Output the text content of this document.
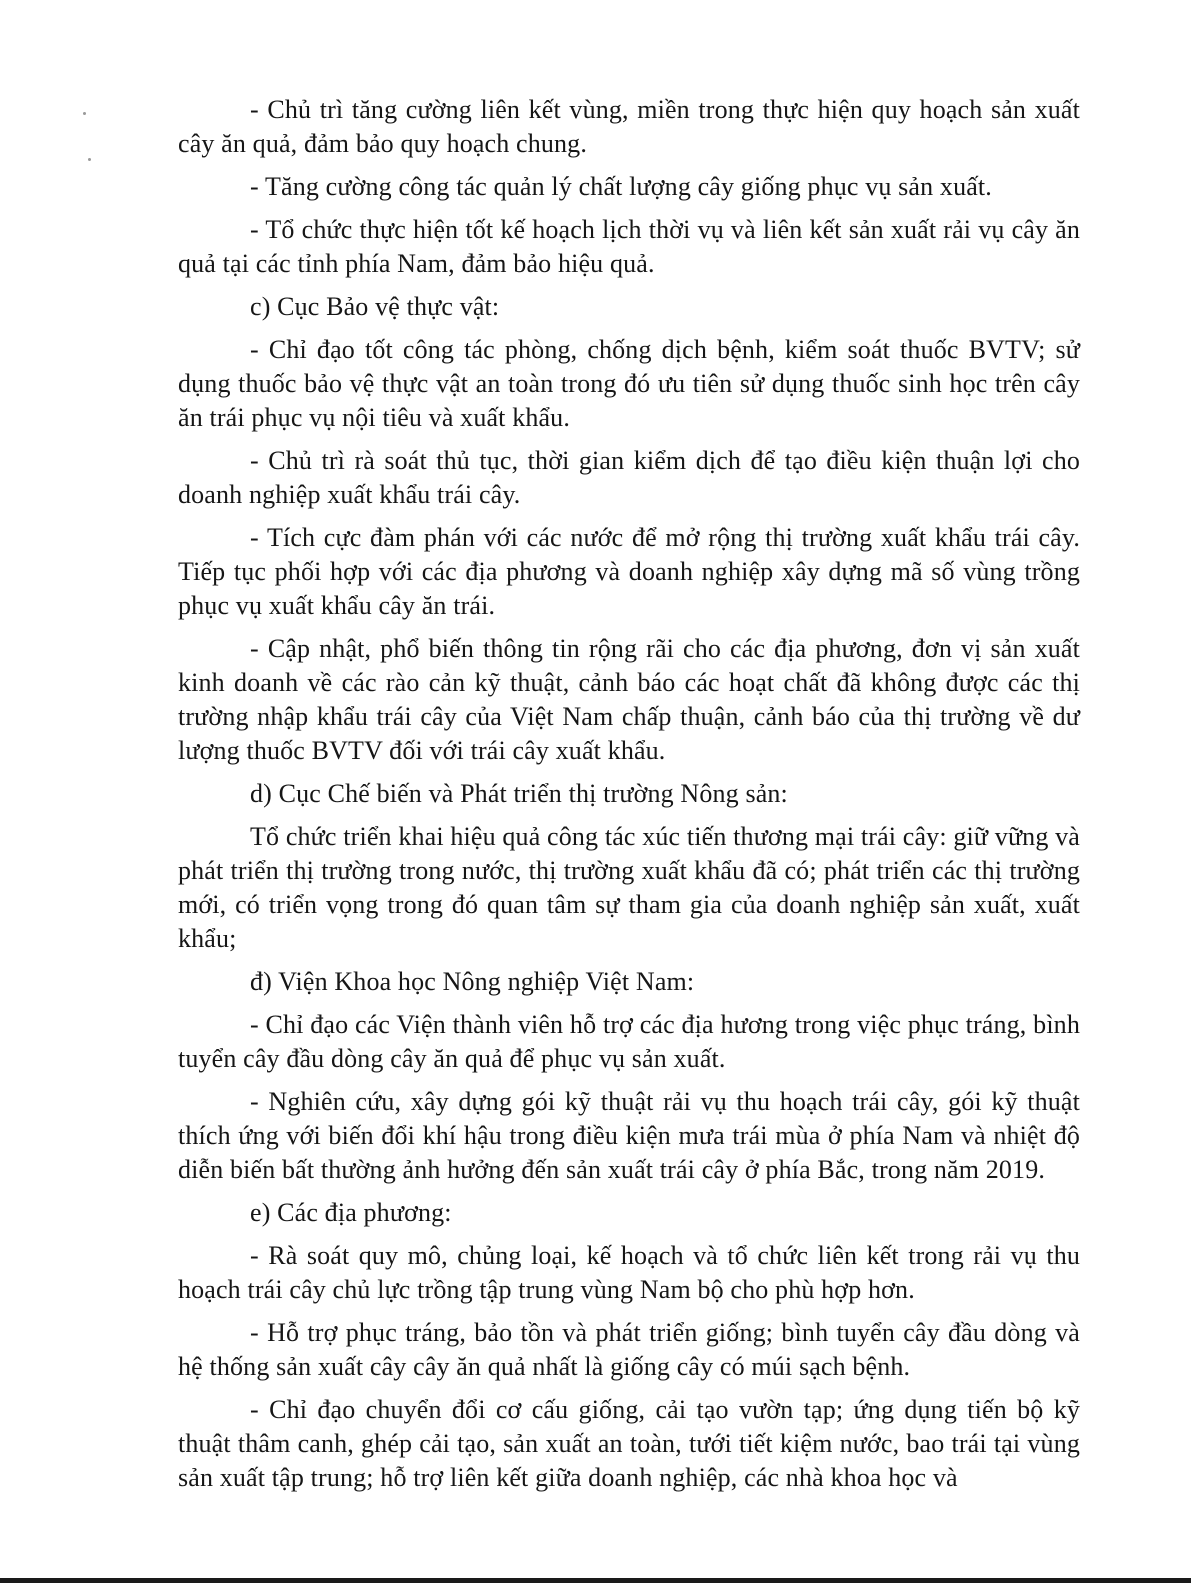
- Chủ trì tăng cường liên kết vùng, miền trong thực hiện quy hoạch sản xuất cây ăn quả, đảm bảo quy hoạch chung.

- Tăng cường công tác quản lý chất lượng cây giống phục vụ sản xuất.

- Tổ chức thực hiện tốt kế hoạch lịch thời vụ và liên kết sản xuất rải vụ cây ăn quả tại các tỉnh phía Nam, đảm bảo hiệu quả.

c) Cục Bảo vệ thực vật:

- Chỉ đạo tốt công tác phòng, chống dịch bệnh, kiểm soát thuốc BVTV; sử dụng thuốc bảo vệ thực vật an toàn trong đó ưu tiên sử dụng thuốc sinh học trên cây ăn trái phục vụ nội tiêu và xuất khẩu.

- Chủ trì rà soát thủ tục, thời gian kiểm dịch để tạo điều kiện thuận lợi cho doanh nghiệp xuất khẩu trái cây.

- Tích cực đàm phán với các nước để mở rộng thị trường xuất khẩu trái cây. Tiếp tục phối hợp với các địa phương và doanh nghiệp xây dựng mã số vùng trồng phục vụ xuất khẩu cây ăn trái.

- Cập nhật, phổ biến thông tin rộng rãi cho các địa phương, đơn vị sản xuất kinh doanh về các rào cản kỹ thuật, cảnh báo các hoạt chất đã không được các thị trường nhập khẩu trái cây của Việt Nam chấp thuận, cảnh báo của thị trường về dư lượng thuốc BVTV đối với trái cây xuất khẩu.

d) Cục Chế biến và Phát triển thị trường Nông sản:

Tổ chức triển khai hiệu quả công tác xúc tiến thương mại trái cây: giữ vững và phát triển thị trường trong nước, thị trường xuất khẩu đã có; phát triển các thị trường mới, có triển vọng trong đó quan tâm sự tham gia của doanh nghiệp sản xuất, xuất khẩu;

đ) Viện Khoa học Nông nghiệp Việt Nam:

- Chỉ đạo các Viện thành viên hỗ trợ các địa hương trong việc phục tráng, bình tuyển cây đầu dòng cây ăn quả để phục vụ sản xuất.

- Nghiên cứu, xây dựng gói kỹ thuật rải vụ thu hoạch trái cây, gói kỹ thuật thích ứng với biến đổi khí hậu trong điều kiện mưa trái mùa ở phía Nam và nhiệt độ diễn biến bất thường ảnh hưởng đến sản xuất trái cây ở phía Bắc, trong năm 2019.

e) Các địa phương:

- Rà soát quy mô, chủng loại, kế hoạch và tổ chức liên kết trong rải vụ thu hoạch trái cây chủ lực trồng tập trung vùng Nam bộ cho phù hợp hơn.

- Hỗ trợ phục tráng, bảo tồn và phát triển giống; bình tuyển cây đầu dòng và hệ thống sản xuất cây cây ăn quả nhất là giống cây có múi sạch bệnh.

- Chỉ đạo chuyển đổi cơ cấu giống, cải tạo vườn tạp; ứng dụng tiến bộ kỹ thuật thâm canh, ghép cải tạo, sản xuất an toàn, tưới tiết kiệm nước, bao trái tại vùng sản xuất tập trung; hỗ trợ liên kết giữa doanh nghiệp, các nhà khoa học và
